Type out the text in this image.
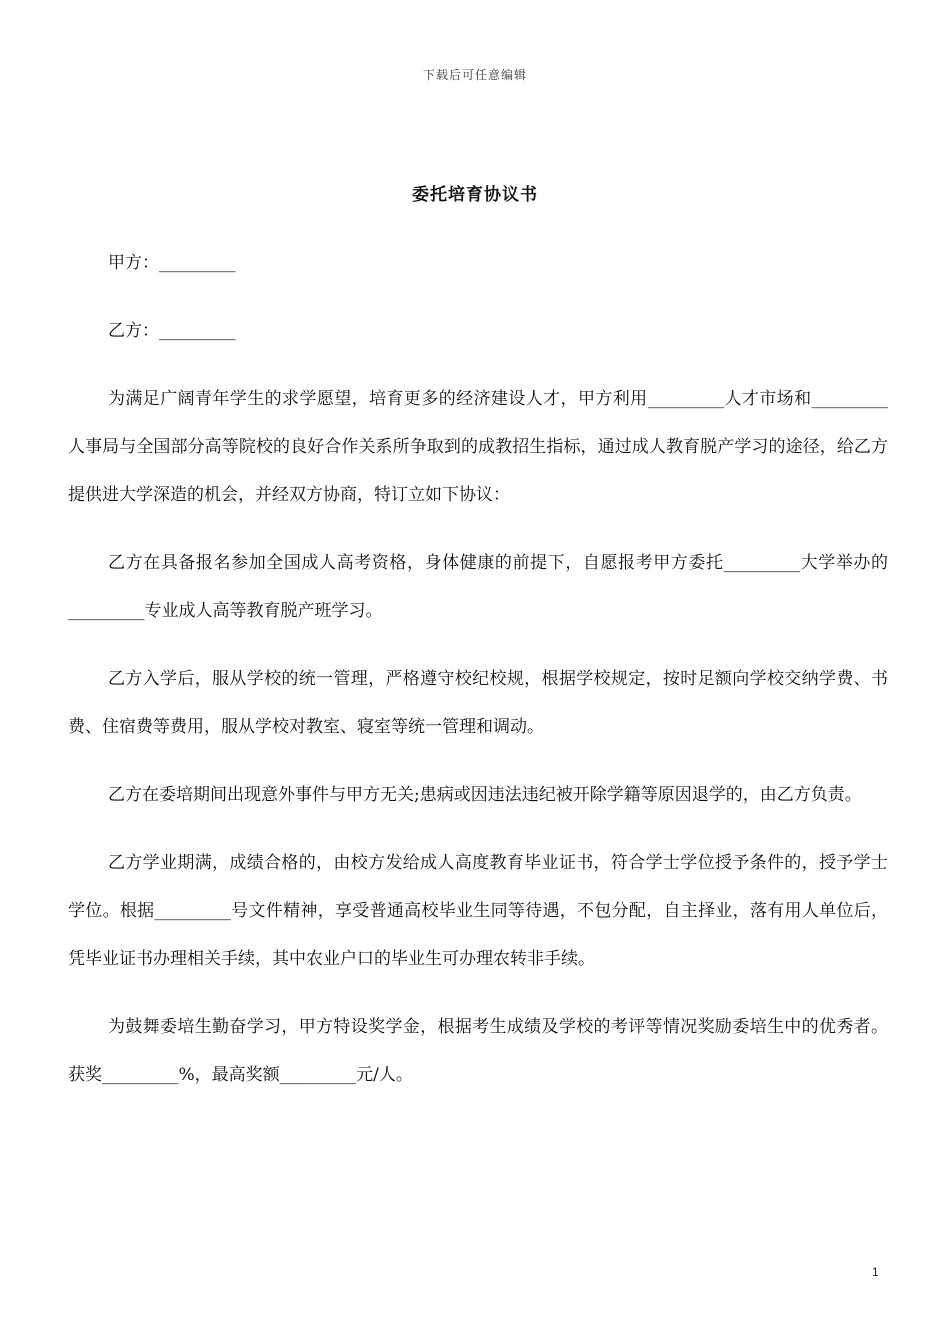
下载后可任意编辑
委托培育协议书
甲方：_________
乙方：_________

为满足广阔青年学生的求学愿望，培育更多的经济建设人才，甲方利用_________人才市场和_________人事局与全国部分高等院校的良好合作关系所争取到的成教招生指标，通过成人教育脱产学习的途径，给乙方提供进大学深造的机会，并经双方协商，特订立如下协议：

乙方在具备报名参加全国成人高考资格，身体健康的前提下，自愿报考甲方委托_________大学举办的_________专业成人高等教育脱产班学习。

乙方入学后，服从学校的统一管理，严格遵守校纪校规，根据学校规定，按时足额向学校交纳学费、书费、住宿费等费用，服从学校对教室、寝室等统一管理和调动。

乙方在委培期间出现意外事件与甲方无关;患病或因违法违纪被开除学籍等原因退学的，由乙方负责。

乙方学业期满，成绩合格的，由校方发给成人高度教育毕业证书，符合学士学位授予条件的，授予学士学位。根据_________号文件精神，享受普通高校毕业生同等待遇，不包分配，自主择业，落有用人单位后，凭毕业证书办理相关手续，其中农业户口的毕业生可办理农转非手续。

为鼓舞委培生勤奋学习，甲方特设奖学金，根据考生成绩及学校的考评等情况奖励委培生中的优秀者。获奖_________%，最高奖额_________元/人。

1
